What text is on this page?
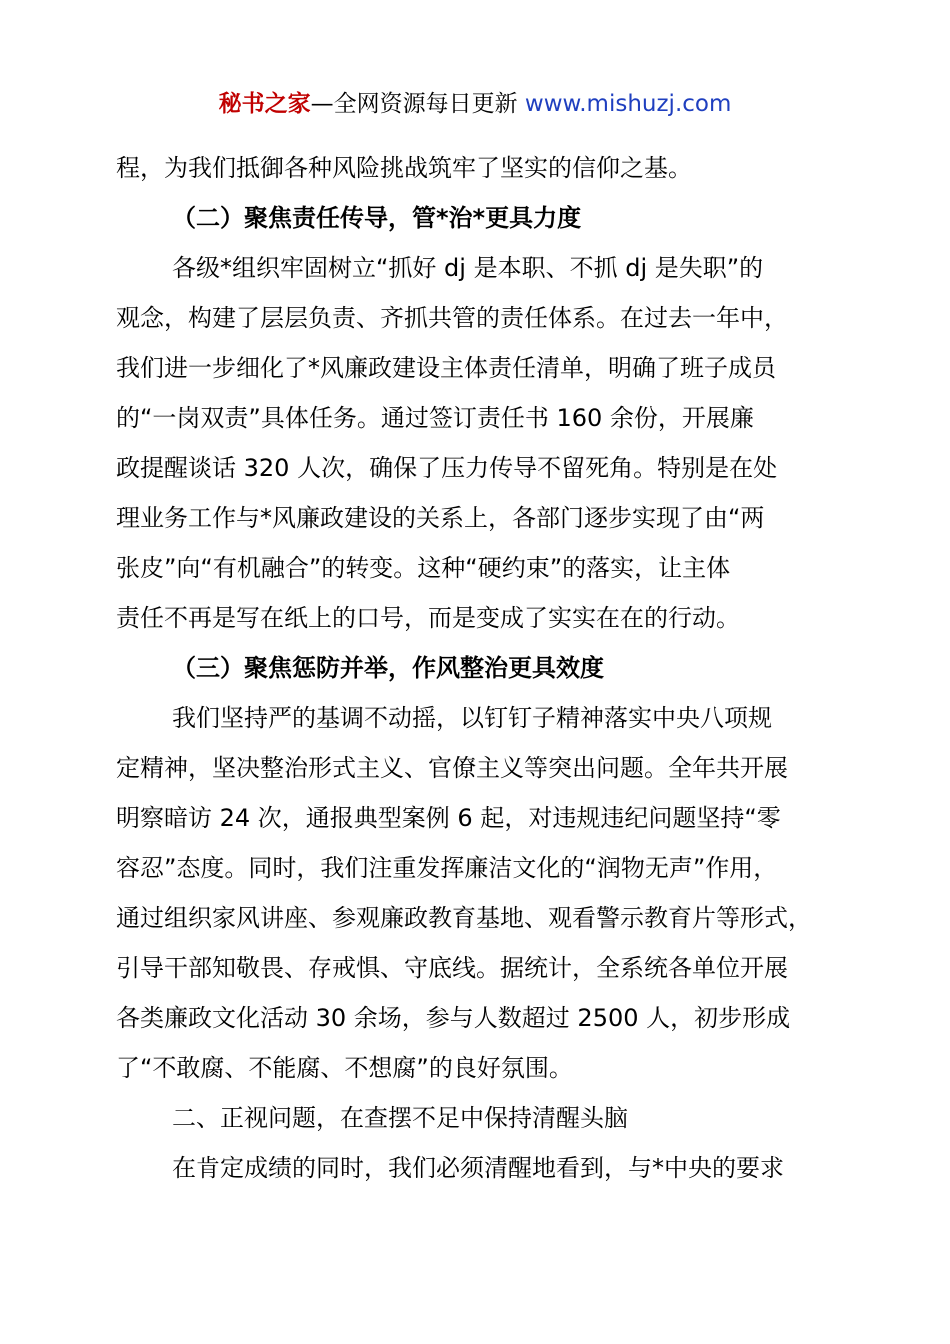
秘书之家—全网资源每日更新 www.mishuzj.com
程，为我们抵御各种风险挑战筑牢了坚实的信仰之基。
（二）聚焦责任传导，管*治*更具力度
各级*组织牢固树立“抓好 dj 是本职、不抓 dj 是失职”的
观念，构建了层层负责、齐抓共管的责任体系。在过去一年中，
我们进一步细化了*风廉政建设主体责任清单，明确了班子成员
的“一岗双责”具体任务。通过签订责任书 160 余份，开展廉
政提醒谈话 320 人次，确保了压力传导不留死角。特别是在处
理业务工作与*风廉政建设的关系上，各部门逐步实现了由“两
张皮”向“有机融合”的转变。这种“硬约束”的落实，让主体
责任不再是写在纸上的口号，而是变成了实实在在的行动。
（三）聚焦惩防并举，作风整治更具效度
我们坚持严的基调不动摇，以钉钉子精神落实中央八项规
定精神，坚决整治形式主义、官僚主义等突出问题。全年共开展
明察暗访 24 次，通报典型案例 6 起，对违规违纪问题坚持“零
容忍”态度。同时，我们注重发挥廉洁文化的“润物无声”作用，
通过组织家风讲座、参观廉政教育基地、观看警示教育片等形式，
引导干部知敬畏、存戒惧、守底线。据统计，全系统各单位开展
各类廉政文化活动 30 余场，参与人数超过 2500 人，初步形成
了“不敢腐、不能腐、不想腐”的良好氛围。
二、正视问题，在查摆不足中保持清醒头脑
在肯定成绩的同时，我们必须清醒地看到，与*中央的要求
